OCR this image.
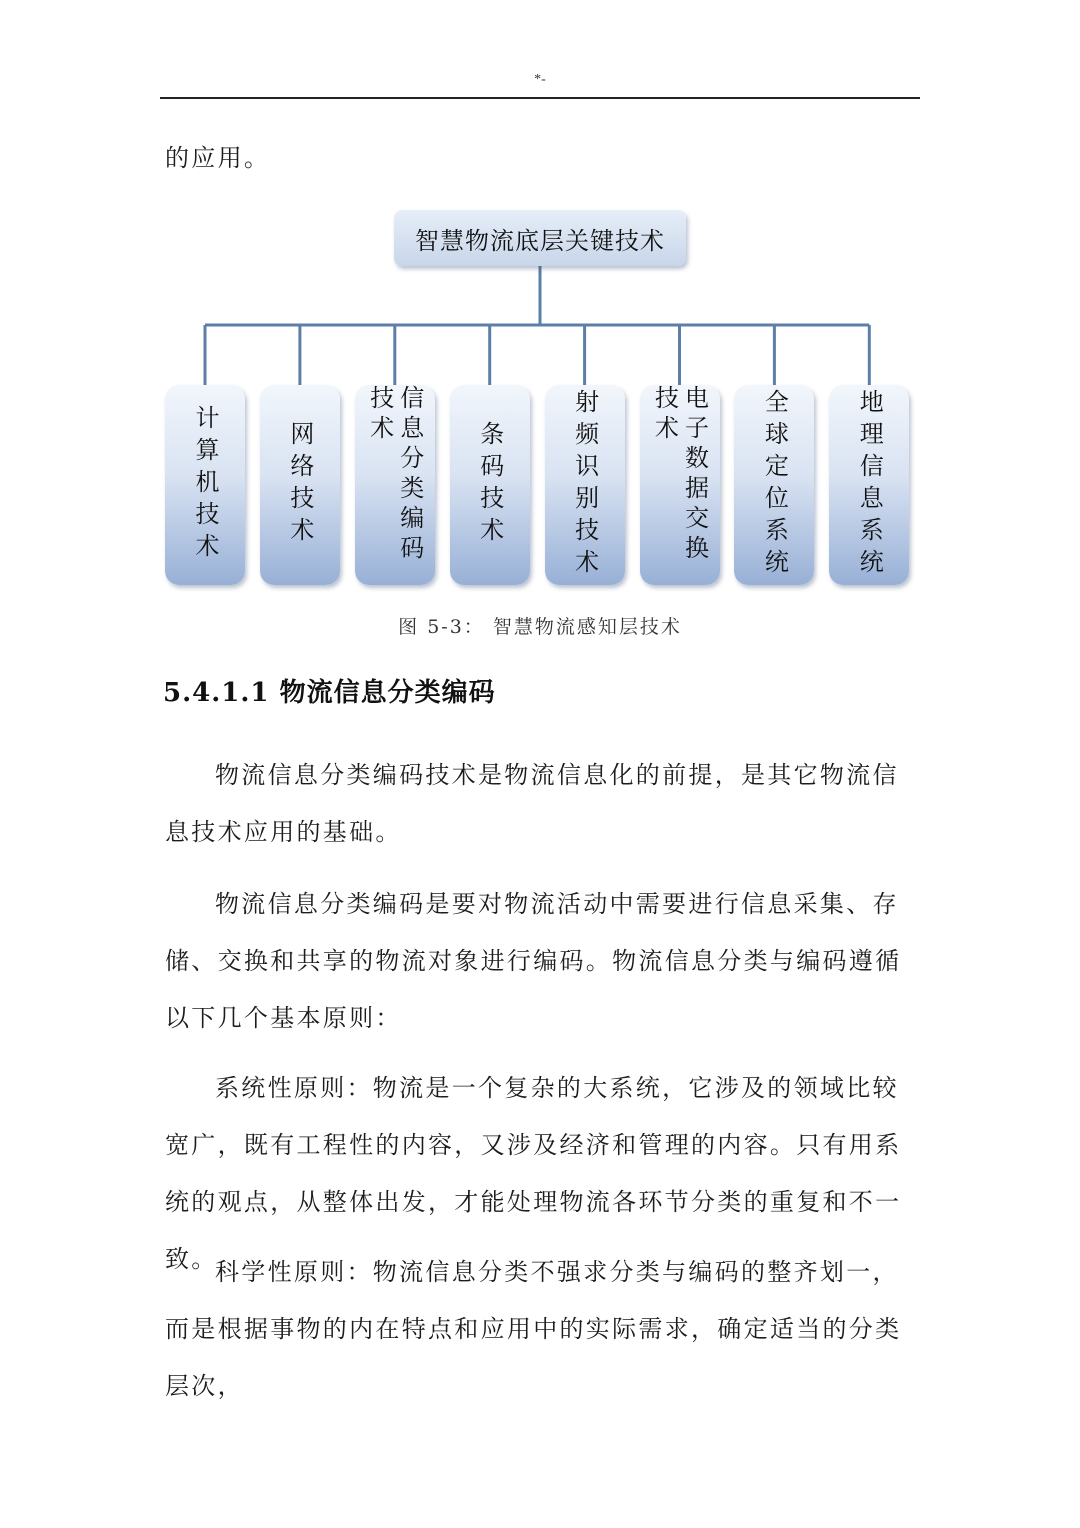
*-

的应用。

智慧物流底层关键技术
计算机技术	网络技术	信息分类编码技术
条码技术	射频识别技术	电子数据交换技术	全球定位系统	地理信息系统
图 5-3： 智慧物流感知层技术
5.4.1.1 物流信息分类编码

物流信息分类编码技术是物流信息化的前提，是其它物流信息技术应用的基础。

物流信息分类编码是要对物流活动中需要进行信息采集、存储、交换和共享的物流对象进行编码。物流信息分类与编码遵循以下几个基本原则：

系统性原则：物流是一个复杂的大系统，它涉及的领域比较宽广，既有工程性的内容，又涉及经济和管理的内容。只有用系统的观点，从整体出发，才能处理物流各环节分类的重复和不一致。

科学性原则：物流信息分类不强求分类与编码的整齐划一，而是根据事物的内在特点和应用中的实际需求，确定适当的分类层次，
